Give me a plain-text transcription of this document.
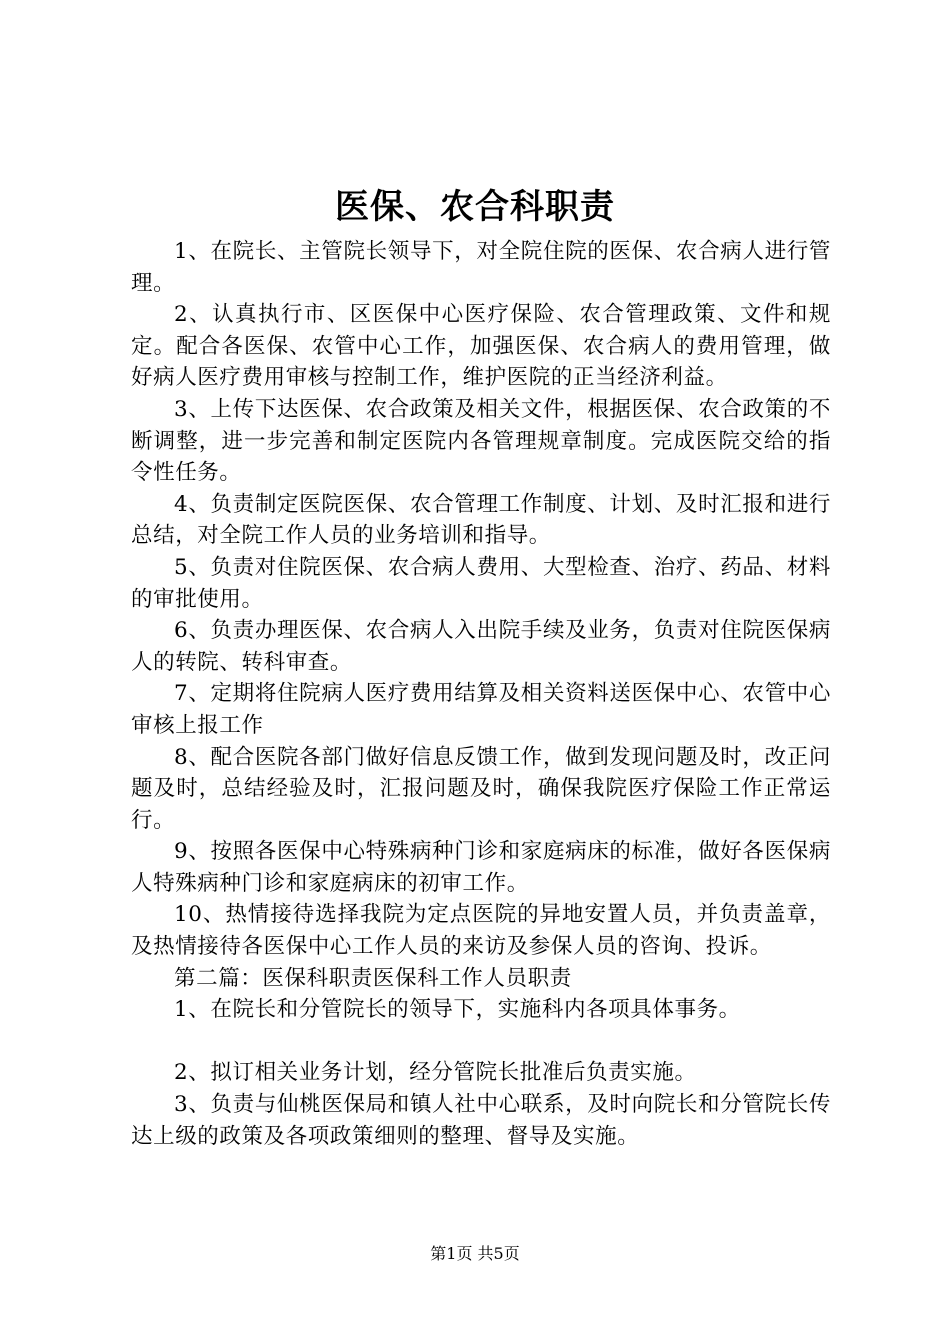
医保、农合科职责

1、在院长、主管院长领导下，对全院住院的医保、农合病人进行管理。

2、认真执行市、区医保中心医疗保险、农合管理政策、文件和规定。配合各医保、农管中心工作，加强医保、农合病人的费用管理，做好病人医疗费用审核与控制工作，维护医院的正当经济利益。

3、上传下达医保、农合政策及相关文件，根据医保、农合政策的不断调整，进一步完善和制定医院内各管理规章制度。完成医院交给的指令性任务。

4、负责制定医院医保、农合管理工作制度、计划、及时汇报和进行总结，对全院工作人员的业务培训和指导。

5、负责对住院医保、农合病人费用、大型检查、治疗、药品、材料的审批使用。

6、负责办理医保、农合病人入出院手续及业务，负责对住院医保病人的转院、转科审查。

7、定期将住院病人医疗费用结算及相关资料送医保中心、农管中心审核上报工作

8、配合医院各部门做好信息反馈工作，做到发现问题及时，改正问题及时，总结经验及时，汇报问题及时，确保我院医疗保险工作正常运行。

9、按照各医保中心特殊病种门诊和家庭病床的标准，做好各医保病人特殊病种门诊和家庭病床的初审工作。

10、热情接待选择我院为定点医院的异地安置人员，并负责盖章，及热情接待各医保中心工作人员的来访及参保人员的咨询、投诉。

第二篇：医保科职责医保科工作人员职责

1、在院长和分管院长的领导下，实施科内各项具体事务。

2、拟订相关业务计划，经分管院长批准后负责实施。

3、负责与仙桃医保局和镇人社中心联系，及时向院长和分管院长传达上级的政策及各项政策细则的整理、督导及实施。

第1页 共5页
